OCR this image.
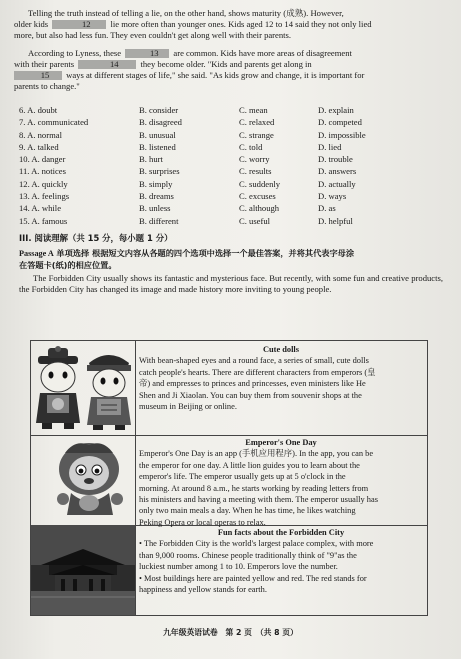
Telling the truth instead of telling a lie, on the other hand, shows maturity (成熟). However,
older kids	12 lie more often than younger ones. Kids aged 12 to 14 said they not only lied
more, but also had less fun. They even couldn't get along well with their parents.

According to Lyness, these	13 are common. Kids have more areas of disagreement
with their parents	14	they become older. "Kids and parents get along in
15 ways at different stages of life," she said. "As kids grow and change, it is important for
parents to change."

6. A. doubt	B. consider	C. mean	D. explain
7. A. communicated	B. disagreed	C. relaxed	D. competed
8. A. normal	B. unusual	C. strange	D. impossible
9. A. talked	B. listened	C. told	D. lied
10. A. danger	B. hurt	C. worry	D. trouble
11. A. notices	B. surprises	C. results	D. answers
12. A. quickly	B. simply	C. suddenly	D. actually
13. A. feelings	B. dreams	C. excuses	D. ways
14. A. while	B. unless	C. although	D. as
15. A. famous	B. different	C. useful	D. helpful
III. 阅读理解（共 15 分，每小题 1 分）
Passage A 单项选择 根据短文内容从各题的四个选项中选择一个最佳答案，并将其代表字母涂
在答题卡(纸)的相应位置。

The Forbidden City usually shows its fantastic and mysterious face. But recently, with some fun and creative products, the Forbidden City has changed its image and made history more inviting to young people.

Cute dolls
With bean-shaped eyes and a round face, a series of small, cute dolls
catch people's hearts. There are different characters from emperors (皇
帝) and empresses to princes and princesses, even ministers like He
Shen and Ji Xiaolan. You can buy them from souvenir shops at the
museum in Beijing or online.
Emperor's One Day
Emperor's One Day is an app (手机应用程序). In the app, you can be
the emperor for one day. A little lion guides you to learn about the
emperor's life. The emperor usually gets up at 5 o'clock in the
morning. At around 8 a.m., he starts working by reading letters from
his ministers and having a meeting with them. The emperor usually has
only two main meals a day. When he has time, he likes watching
Peking Opera or local operas to relax.
Fun facts about the Forbidden City
• The Forbidden City is the world's largest palace complex, with more
than 9,000 rooms. Chinese people traditionally think of "9"as the
luckiest number among 1 to 10. Emperors love the number.
• Most buildings here are painted yellow and red. The red stands for
happiness and yellow stands for earth.
九年级英语试卷　第 2 页　（共 8 页）
